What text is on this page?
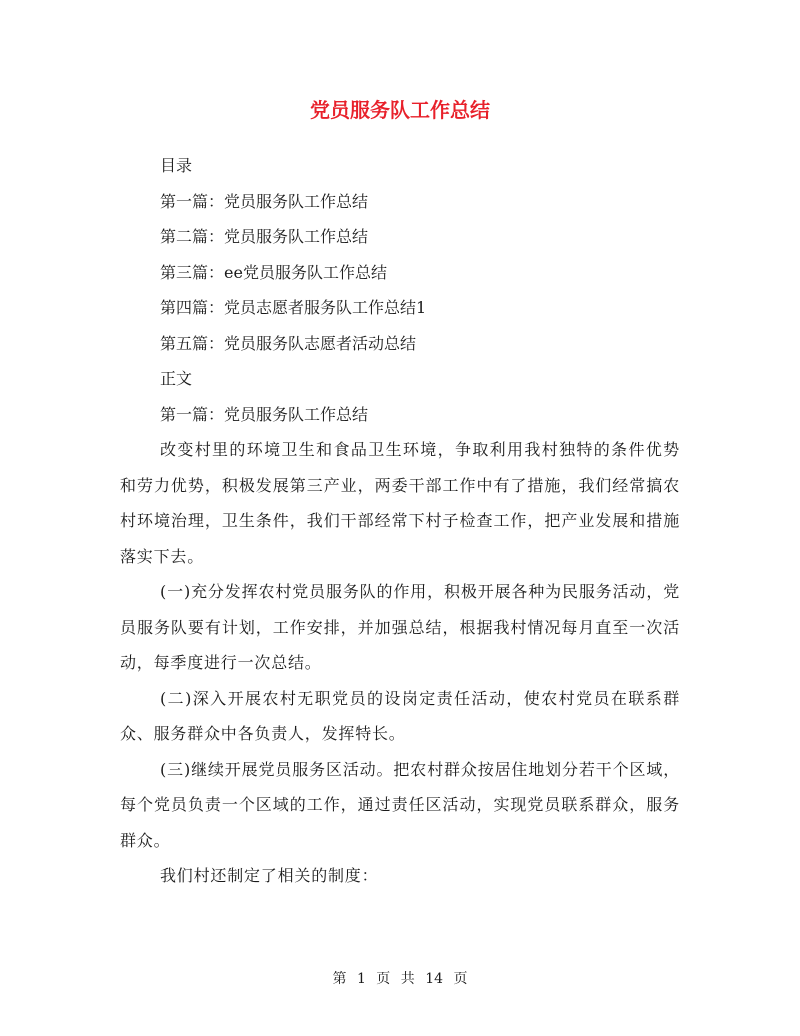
党员服务队工作总结

目录

第一篇：党员服务队工作总结

第二篇：党员服务队工作总结

第三篇：ee党员服务队工作总结

第四篇：党员志愿者服务队工作总结1

第五篇：党员服务队志愿者活动总结

正文

第一篇：党员服务队工作总结

改变村里的环境卫生和食品卫生环境，争取利用我村独特的条件优势和劳力优势，积极发展第三产业，两委干部工作中有了措施，我们经常搞农村环境治理，卫生条件，我们干部经常下村子检查工作，把产业发展和措施落实下去。

(一)充分发挥农村党员服务队的作用，积极开展各种为民服务活动，党员服务队要有计划，工作安排，并加强总结，根据我村情况每月直至一次活动，每季度进行一次总结。

(二)深入开展农村无职党员的设岗定责任活动，使农村党员在联系群众、服务群众中各负责人，发挥特长。

(三)继续开展党员服务区活动。把农村群众按居住地划分若干个区域，每个党员负责一个区域的工作，通过责任区活动，实现党员联系群众，服务群众。

我们村还制定了相关的制度：

第 1 页 共 14 页
